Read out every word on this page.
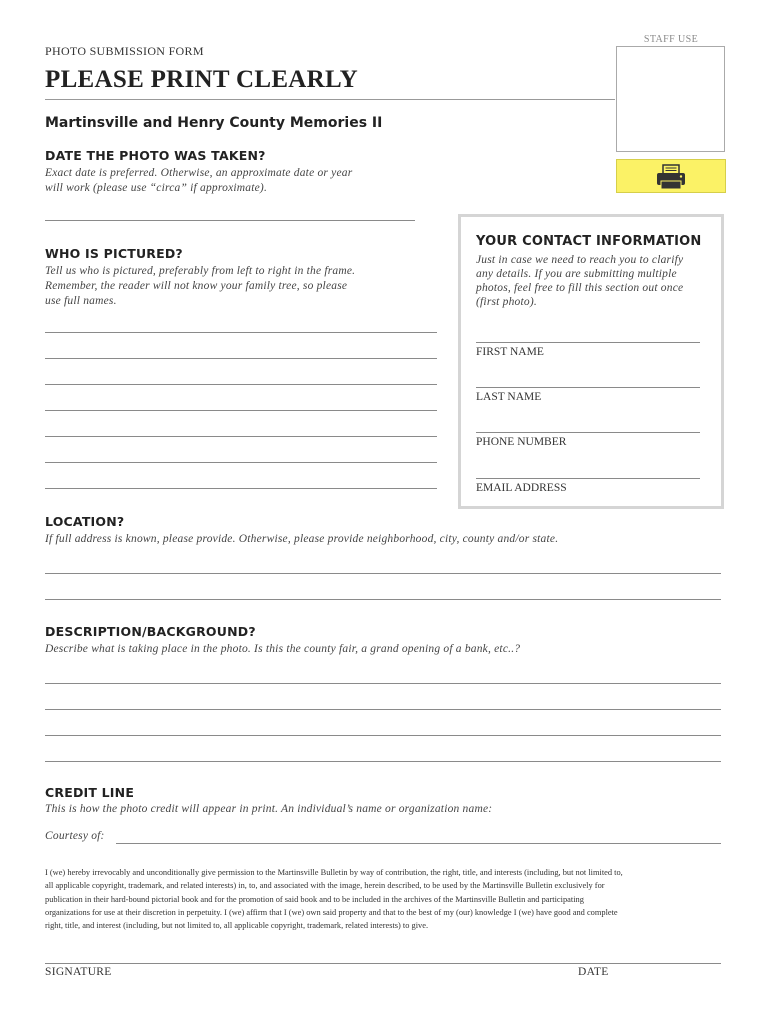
PHOTO SUBMISSION FORM
PLEASE PRINT CLEARLY
STAFF USE
Martinsville and Henry County Memories II
DATE THE PHOTO WAS TAKEN?
Exact date is preferred. Otherwise, an approximate date or year
will work (please use “circa” if approximate).
WHO IS PICTURED?
Tell us who is pictured, preferably from left to right in the frame.
Remember, the reader will not know your family tree, so please
use full names.
YOUR CONTACT INFORMATION
Just in case we need to reach you to clarify
any details. If you are submitting multiple
photos, feel free to fill this section out once
(first photo).
FIRST NAME
LAST NAME
PHONE NUMBER
EMAIL ADDRESS
LOCATION?
If full address is known, please provide. Otherwise, please provide neighborhood, city, county and/or state.
DESCRIPTION/BACKGROUND?
Describe what is taking place in the photo. Is this the county fair, a grand opening of a bank, etc..?
CREDIT LINE
This is how the photo credit will appear in print. An individual’s name or organization name:
Courtesy of:
I (we) hereby irrevocably and unconditionally give permission to the Martinsville Bulletin by way of contribution, the right, title, and interests (including, but not limited to,
all applicable copyright, trademark, and related interests) in, to, and associated with the image, herein described, to be used by the Martinsville Bulletin exclusively for
publication in their hard-bound pictorial book and for the promotion of said book and to be included in the archives of the Martinsville Bulletin and participating
organizations for use at their discretion in perpetuity. I (we) affirm that I (we) own said property and that to the best of my (our) knowledge I (we) have good and complete
right, title, and interest (including, but not limited to, all applicable copyright, trademark, related interests) to give.
SIGNATURE	DATE
